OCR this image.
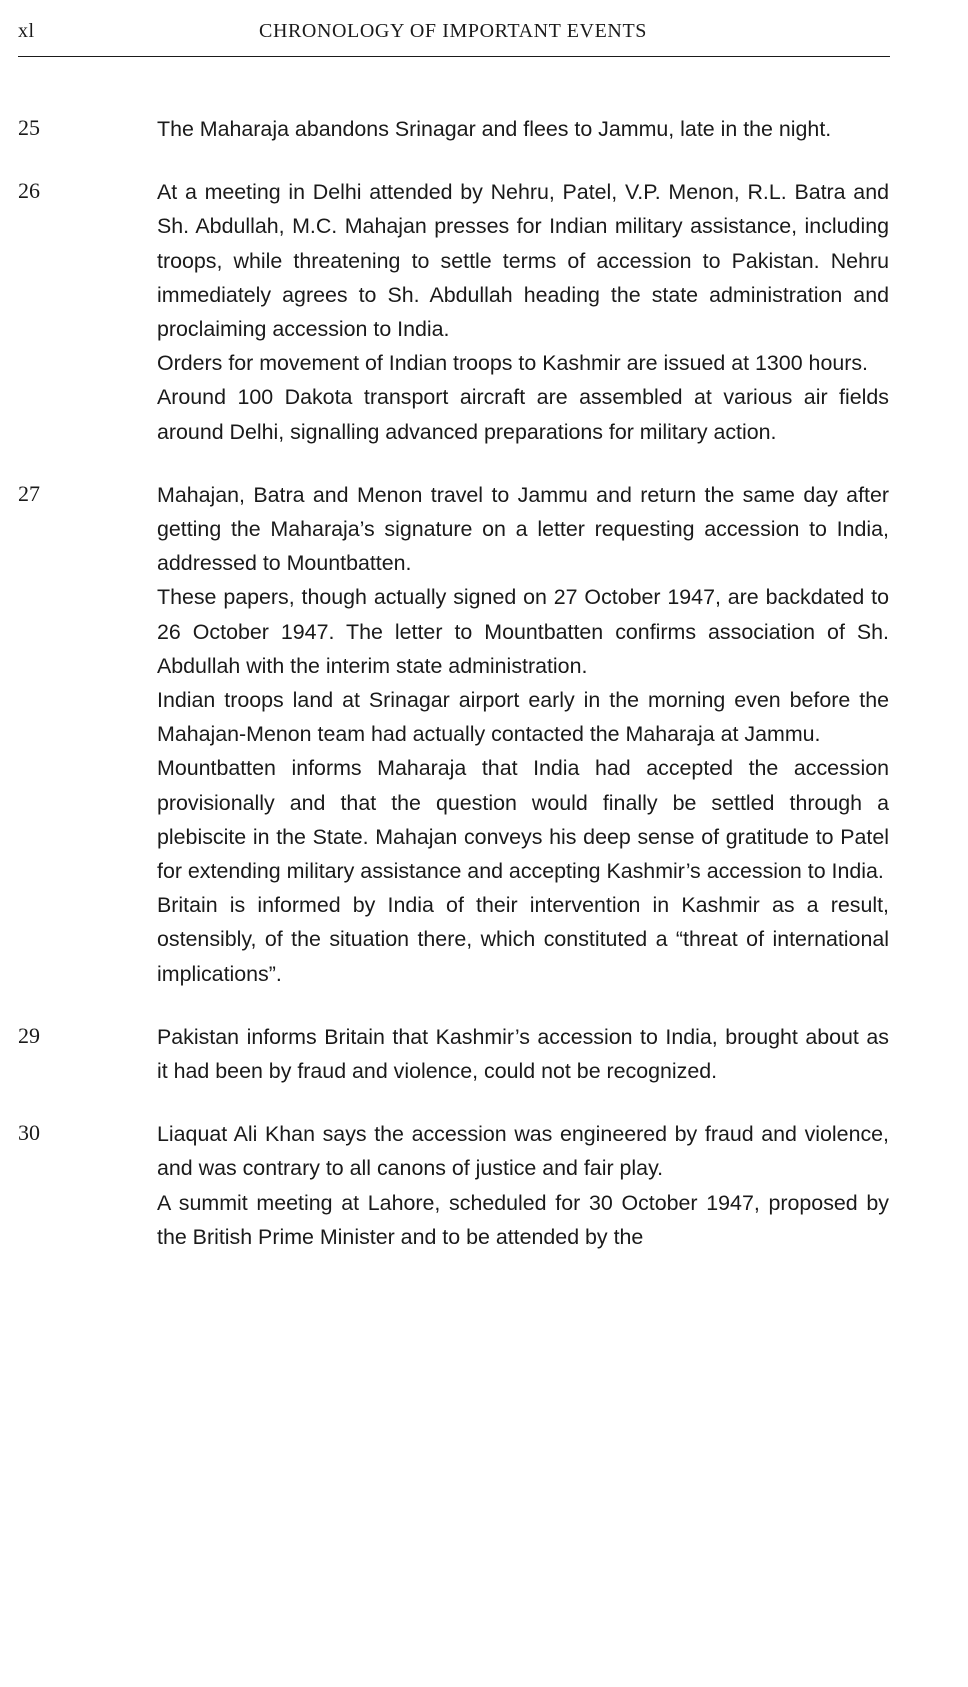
xl	CHRONOLOGY OF IMPORTANT EVENTS
25	The Maharaja abandons Srinagar and flees to Jammu, late in the night.

26	At a meeting in Delhi attended by Nehru, Patel, V.P. Menon, R.L. Batra and Sh. Abdullah, M.C. Mahajan presses for Indian military assistance, including troops, while threatening to settle terms of accession to Pakistan. Nehru immediately agrees to Sh. Abdullah heading the state administration and proclaiming accession to India.

Orders for movement of Indian troops to Kashmir are issued at 1300 hours.

Around 100 Dakota transport aircraft are assembled at various air fields around Delhi, signalling advanced preparations for military action.

27	Mahajan, Batra and Menon travel to Jammu and return the same day after getting the Maharaja’s signature on a letter requesting accession to India, addressed to Mountbatten.

These papers, though actually signed on 27 October 1947, are backdated to 26 October 1947. The letter to Mountbatten confirms association of Sh. Abdullah with the interim state administration.

Indian troops land at Srinagar airport early in the morning even before the Mahajan-Menon team had actually contacted the Maharaja at Jammu.

Mountbatten informs Maharaja that India had accepted the accession provisionally and that the question would finally be settled through a plebiscite in the State. Mahajan conveys his deep sense of gratitude to Patel for extending military assistance and accepting Kashmir’s accession to India.

Britain is informed by India of their intervention in Kashmir as a result, ostensibly, of the situation there, which constituted a “threat of international implications”.

29	Pakistan informs Britain that Kashmir’s accession to India, brought about as it had been by fraud and violence, could not be recognized.

30	Liaquat Ali Khan says the accession was engineered by fraud and violence, and was contrary to all canons of justice and fair play.

A summit meeting at Lahore, scheduled for 30 October 1947, proposed by the British Prime Minister and to be attended by the
